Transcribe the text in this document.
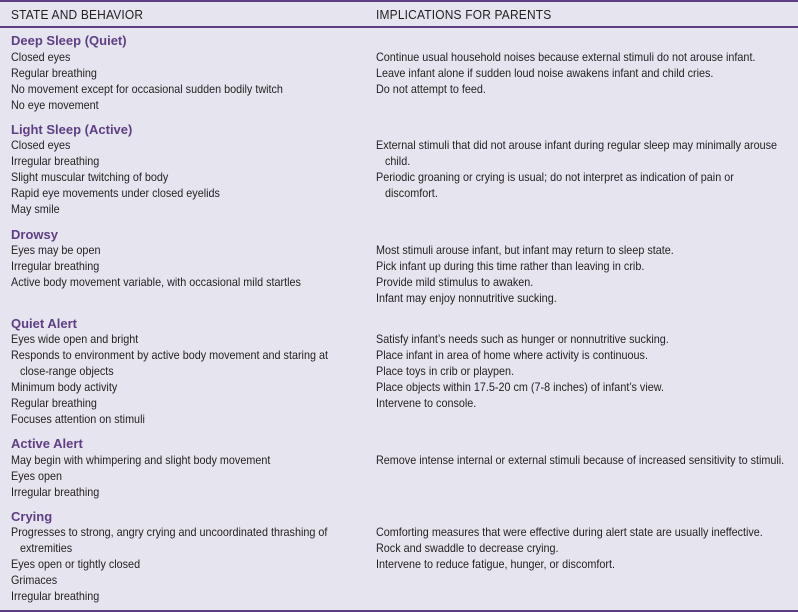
STATE AND BEHAVIOR	IMPLICATIONS FOR PARENTS
Deep Sleep (Quiet)
Closed eyes
Regular breathing
No movement except for occasional sudden bodily twitch
No eye movement
Continue usual household noises because external stimuli do not arouse infant.
Leave infant alone if sudden loud noise awakens infant and child cries.
Do not attempt to feed.
Light Sleep (Active)
Closed eyes
Irregular breathing
Slight muscular twitching of body
Rapid eye movements under closed eyelids
May smile
External stimuli that did not arouse infant during regular sleep may minimally arouse
child.
Periodic groaning or crying is usual; do not interpret as indication of pain or
discomfort.
Drowsy
Eyes may be open
Irregular breathing
Active body movement variable, with occasional mild startles
Most stimuli arouse infant, but infant may return to sleep state.
Pick infant up during this time rather than leaving in crib.
Provide mild stimulus to awaken.
Infant may enjoy nonnutritive sucking.
Quiet Alert
Eyes wide open and bright
Responds to environment by active body movement and staring at
close-range objects
Minimum body activity
Regular breathing
Focuses attention on stimuli
Satisfy infant’s needs such as hunger or nonnutritive sucking.
Place infant in area of home where activity is continuous.
Place toys in crib or playpen.
Place objects within 17.5-20 cm (7-8 inches) of infant’s view.
Intervene to console.
Active Alert
May begin with whimpering and slight body movement
Eyes open
Irregular breathing
Remove intense internal or external stimuli because of increased sensitivity to stimuli.
Crying
Progresses to strong, angry crying and uncoordinated thrashing of
extremities
Eyes open or tightly closed
Grimaces
Irregular breathing
Comforting measures that were effective during alert state are usually ineffective.
Rock and swaddle to decrease crying.
Intervene to reduce fatigue, hunger, or discomfort.
